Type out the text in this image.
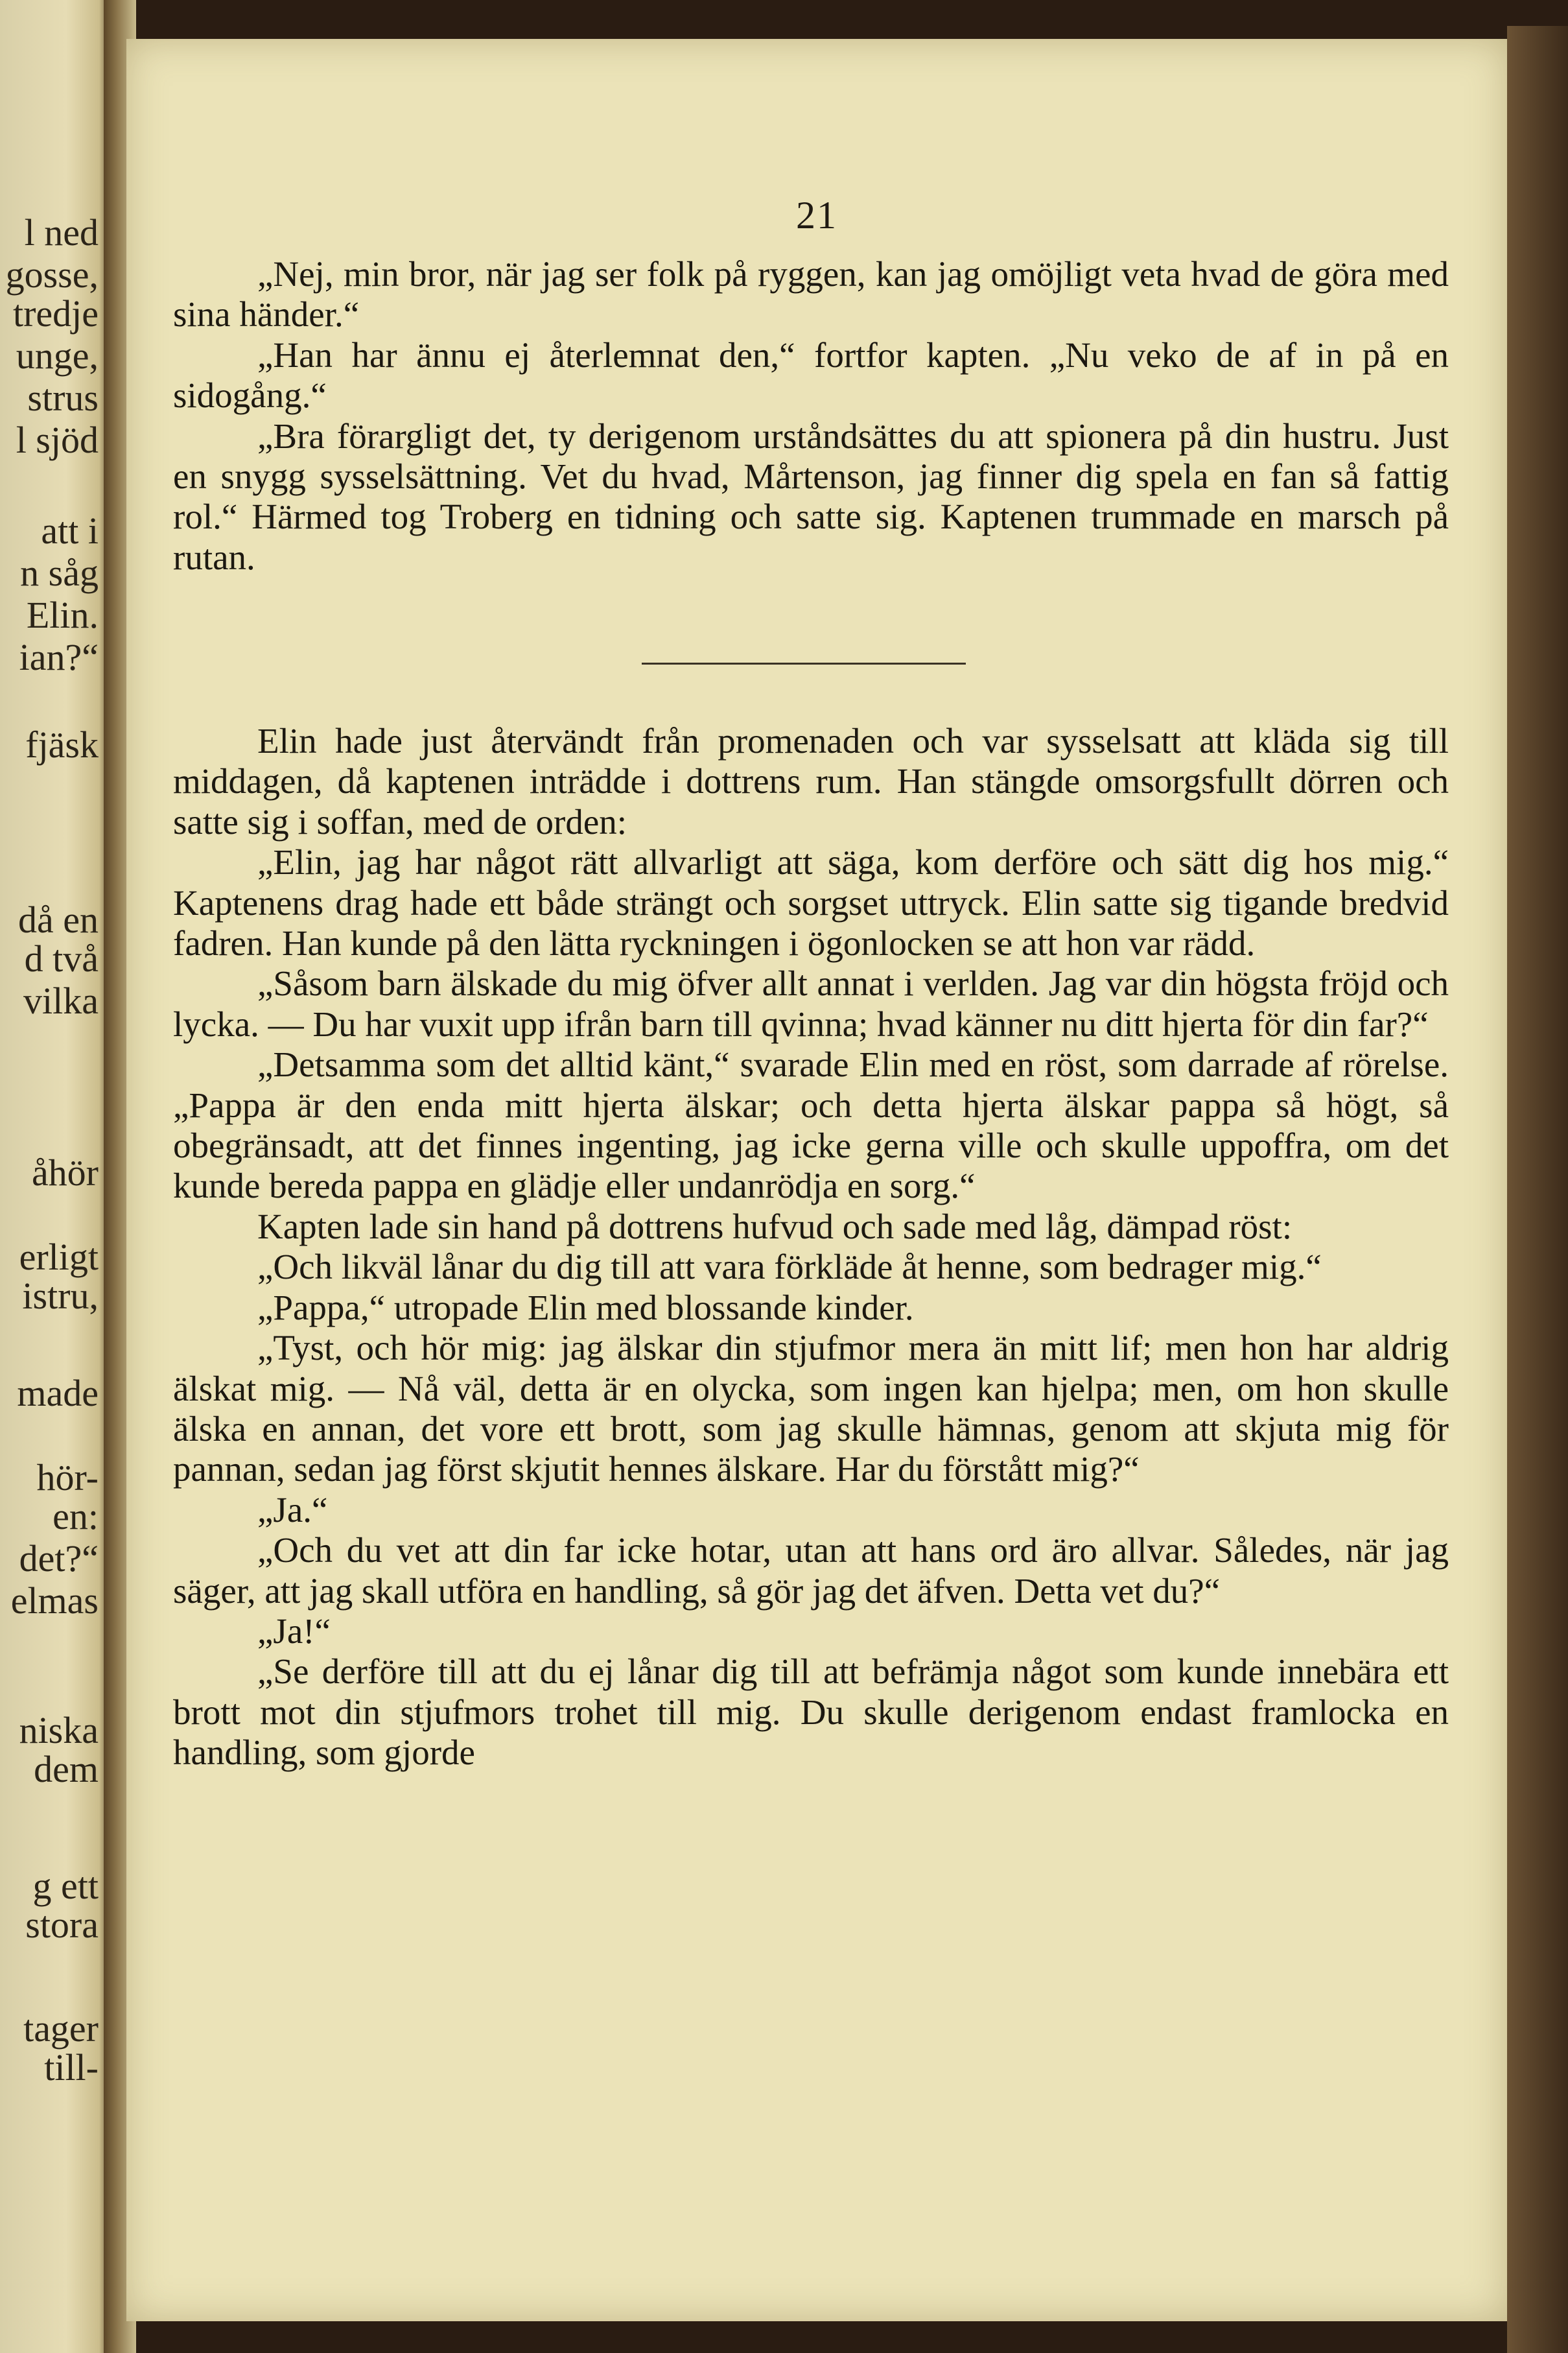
l ned
gosse,
tredje
unge,
strus
l sjöd
att i
n såg
Elin.
ian?“
fjäsk
då en
d två
vilka
åhör
erligt
istru,
made
hör-
en:
det?“
elmas
niska
dem
g ett
stora
tager
till-
21

„Nej, min bror, när jag ser folk på ryggen, kan jag omöjligt veta hvad de göra med sina händer.“

„Han har ännu ej återlemnat den,“ fortfor kapten. „Nu veko de af in på en sidogång.“

„Bra förargligt det, ty derigenom urståndsättes du att spionera på din hustru. Just en snygg sysselsättning. Vet du hvad, Mårtenson, jag finner dig spela en fan så fattig rol.“ Härmed tog Troberg en tidning och satte sig. Kaptenen trummade en marsch på rutan.

Elin hade just återvändt från promenaden och var sysselsatt att kläda sig till middagen, då kaptenen inträdde i dottrens rum. Han stängde omsorgsfullt dörren och satte sig i soffan, med de orden:

„Elin, jag har något rätt allvarligt att säga, kom derföre och sätt dig hos mig.“ Kaptenens drag hade ett både strängt och sorgset uttryck. Elin satte sig tigande bredvid fadren. Han kunde på den lätta ryckningen i ögonlocken se att hon var rädd.

„Såsom barn älskade du mig öfver allt annat i verlden. Jag var din högsta fröjd och lycka. — Du har vuxit upp ifrån barn till qvinna; hvad känner nu ditt hjerta för din far?“

„Detsamma som det alltid känt,“ svarade Elin med en röst, som darrade af rörelse. „Pappa är den enda mitt hjerta älskar; och detta hjerta älskar pappa så högt, så obegränsadt, att det finnes ingenting, jag icke gerna ville och skulle uppoffra, om det kunde bereda pappa en glädje eller undanrödja en sorg.“

Kapten lade sin hand på dottrens hufvud och sade med låg, dämpad röst:

„Och likväl lånar du dig till att vara förkläde åt henne, som bedrager mig.“

„Pappa,“ utropade Elin med blossande kinder.

„Tyst, och hör mig: jag älskar din stjufmor mera än mitt lif; men hon har aldrig älskat mig. — Nå väl, detta är en olycka, som ingen kan hjelpa; men, om hon skulle älska en annan, det vore ett brott, som jag skulle hämnas, genom att skjuta mig för pannan, sedan jag först skjutit hennes älskare. Har du förstått mig?“

„Ja.“

„Och du vet att din far icke hotar, utan att hans ord äro allvar. Således, när jag säger, att jag skall utföra en handling, så gör jag det äfven. Detta vet du?“

„Ja!“

„Se derföre till att du ej lånar dig till att befrämja något som kunde innebära ett brott mot din stjufmors trohet till mig. Du skulle derigenom endast framlocka en handling, som gjorde
